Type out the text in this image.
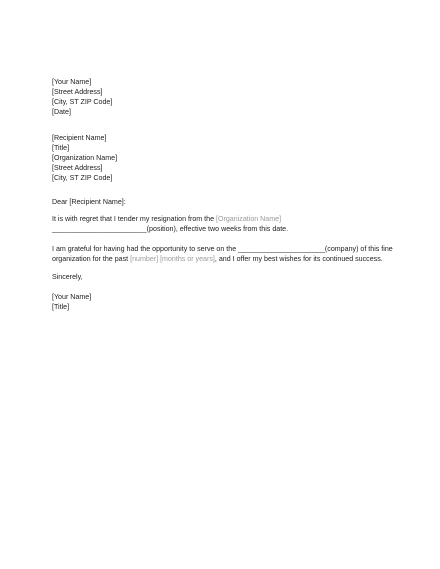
[Your Name]
[Street Address]
[City, ST ZIP Code]
[Date]
[Recipient Name]
[Title]
[Organization Name]
[Street Address]
[City, ST ZIP Code]
Dear [Recipient Name]:
It is with regret that I tender my resignation from the [Organization Name]
________________________(position), effective two weeks from this date.
I am grateful for having had the opportunity to serve on the ______________________(company) of this fine
organization for the past [number] [months or years], and I offer my best wishes for its continued success.
Sincerely,
[Your Name]
[Title]
